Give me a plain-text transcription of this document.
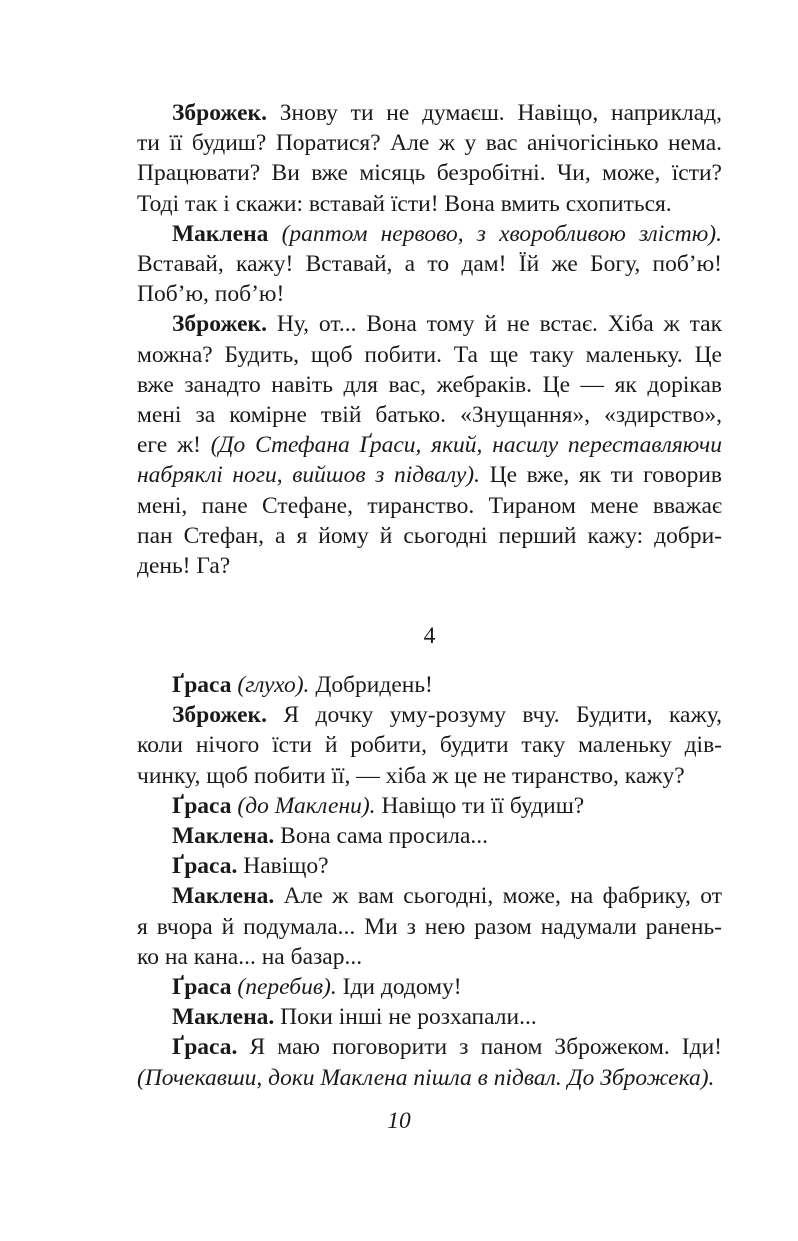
Зброжек. Знову ти не думаєш. Навіщо, наприклад,
ти її будиш? Поратися? Але ж у вас анічогісінько нема.
Працювати? Ви вже місяць безробітні. Чи, може, їсти?
Тоді так і скажи: вставай їсти! Вона вмить схопиться.
Маклена (раптом нервово, з хворобливою злістю).
Вставай, кажу! Вставай, а то дам! Їй же Богу, поб’ю!
Поб’ю, поб’ю!
Зброжек. Ну, от... Вона тому й не встає. Хіба ж так
можна? Будить, щоб побити. Та ще таку маленьку. Це
вже занадто навіть для вас, жебраків. Це — як дорікав
мені за комірне твій батько. «Знущання», «здирство»,
еге ж! (До Стефана Ґраси, який, насилу переставляючи
набряклі ноги, вийшов з підвалу). Це вже, як ти говорив
мені, пане Стефане, тиранство. Тираном мене вважає
пан Стефан, а я йому й сьогодні перший кажу: добри-
день! Га?
4
Ґраса (глухо). Добридень!
Зброжек. Я дочку уму-розуму вчу. Будити, кажу,
коли нічого їсти й робити, будити таку маленьку дів-
чинку, щоб побити її, — хіба ж це не тиранство, кажу?
Ґраса (до Маклени). Навіщо ти її будиш?
Маклена. Вона сама просила...
Ґраса. Навіщо?
Маклена. Але ж вам сьогодні, може, на фабрику, от
я вчора й подумала... Ми з нею разом надумали ранень-
ко на кана... на базар...
Ґраса (перебив). Іди додому!
Маклена. Поки інші не розхапали...
Ґраса. Я маю поговорити з паном Зброжеком. Іди!
(Почекавши, доки Маклена пішла в підвал. До Зброжека).
10
